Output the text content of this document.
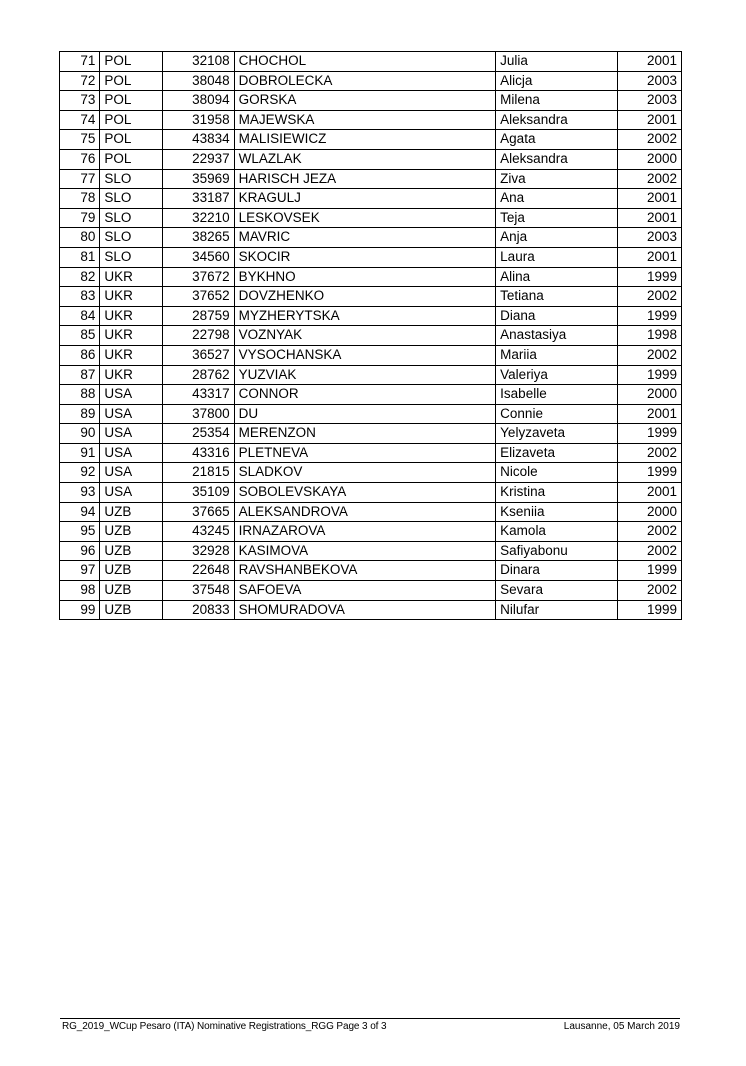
71	POL	32108	CHOCHOL	Julia	2001
72	POL	38048	DOBROLECKA	Alicja	2003
73	POL	38094	GORSKA	Milena	2003
74	POL	31958	MAJEWSKA	Aleksandra	2001
75	POL	43834	MALISIEWICZ	Agata	2002
76	POL	22937	WLAZLAK	Aleksandra	2000
77	SLO	35969	HARISCH JEZA	Ziva	2002
78	SLO	33187	KRAGULJ	Ana	2001
79	SLO	32210	LESKOVSEK	Teja	2001
80	SLO	38265	MAVRIC	Anja	2003
81	SLO	34560	SKOCIR	Laura	2001
82	UKR	37672	BYKHNO	Alina	1999
83	UKR	37652	DOVZHENKO	Tetiana	2002
84	UKR	28759	MYZHERYTSKA	Diana	1999
85	UKR	22798	VOZNYAK	Anastasiya	1998
86	UKR	36527	VYSOCHANSKA	Mariia	2002
87	UKR	28762	YUZVIAK	Valeriya	1999
88	USA	43317	CONNOR	Isabelle	2000
89	USA	37800	DU	Connie	2001
90	USA	25354	MERENZON	Yelyzaveta	1999
91	USA	43316	PLETNEVA	Elizaveta	2002
92	USA	21815	SLADKOV	Nicole	1999
93	USA	35109	SOBOLEVSKAYA	Kristina	2001
94	UZB	37665	ALEKSANDROVA	Kseniia	2000
95	UZB	43245	IRNAZAROVA	Kamola	2002
96	UZB	32928	KASIMOVA	Safiyabonu	2002
97	UZB	22648	RAVSHANBEKOVA	Dinara	1999
98	UZB	37548	SAFOEVA	Sevara	2002
99	UZB	20833	SHOMURADOVA	Nilufar	1999
RG_2019_WCup Pesaro (ITA) Nominative Registrations_RGG Page 3 of 3	Lausanne, 05 March 2019
